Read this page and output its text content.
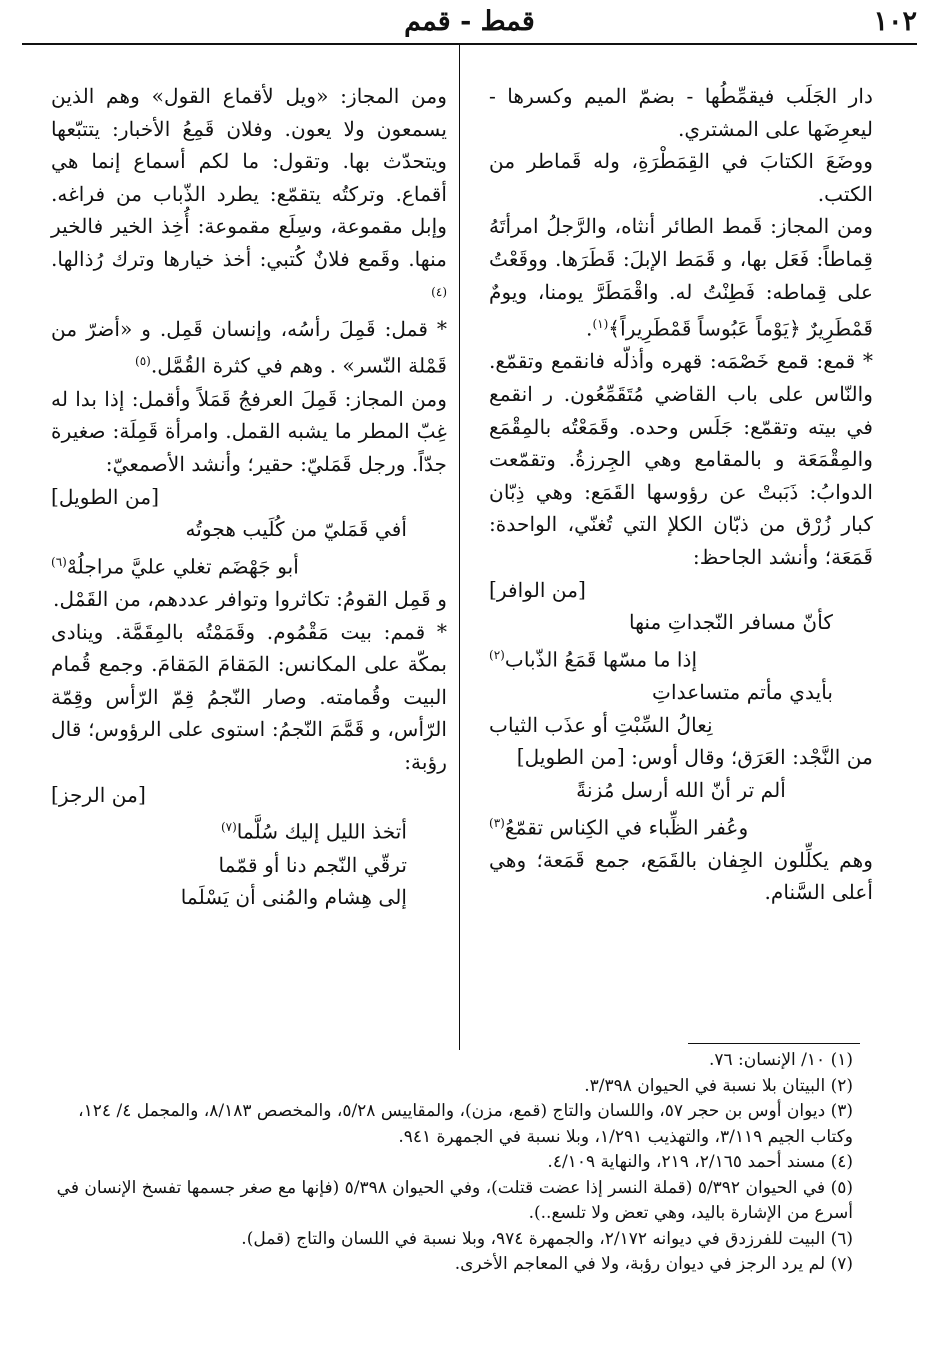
١٠٢
قمط - قمم

دار الجَلَب فيقمِّطُها - بضمّ الميم وكسرها - ليعرِضَها على المشتري.

ووضَعَ الكتابَ في القِمَطْرَةِ، وله قَماطر من الكتب.

ومن المجاز: قَمط الطائر أنثاه، والرَّجلُ امرأتَهُ قِماطاً: فَعَل بها، و قَمَط الإبلَ: قَطَرَها. ووقَعْتُ على قِماطه: فَطِنْتُ له. واقْمَطَرَّ يومنا، ويومٌ قَمْطَرِيرٌ ﴿يَوْماً عَبُوساً قَمْطَرِيراً﴾$^{(١)}$.

* قمع: قمع خَصْمَه: قهره وأذلّه فانقمع وتقمّع. والنّاس على باب القاضي مُتَقَمِّعُون. ر انقمع في بيته وتقمّع: جَلَس وحده. وقَمَعْتُه بالمِقْمَع والمِقْمَعَة و بالمقامع وهي الجِرزةُ. وتقمّعت الدوابُ: ذَبَبتْ عن رؤوسها القَمَع: وهي ذِبّان كبار زُرْق من ذبّان الكلإ التي تُغنّي، الواحدة: قَمَعَة؛ وأنشد الجاحظ:

[من الوافر]
كأنّ مسافر النّجداتِ منها
إذا ما مسّها قَمَعُ الذّباب$^{(٢)}$
بأيدي مأتم متساعداتِ
نِعالُ السِّبْتِ أو عذَب الثياب

من النَّجْد: العَرَق؛ وقال أوس: [من الطويل]

ألم تر أنّ الله أرسل مُزنةً
وعُفر الظِّباء في الكِناس تقمّعُ$^{(٣)}$

وهم يكلِّلون الجِفان بالقَمَع، جمع قَمَعة؛ وهي أعلى السَّنام.

ومن المجاز: «ويل لأقماع القول» وهم الذين يسمعون ولا يعون. وفلان قَمِعُ الأخبار: يتتبّعها ويتحدّث بها. وتقول: ما لكم أسماع إنما هي أقماع. وتركتُه يتقمّع: يطرد الذّباب من فراغه. وإبل مقموعة، وسِلَع مقموعة: أُخِذ الخير فالخير منها. وقَمع فلانٌ كُتبي: أخذ خيارها وترك رُذالها.$^{(٤)}$

* قمل: قَمِلَ رأسُه، وإنسان قَمِل. و «أضرّ من قَمْلة النّسر» . وهم في كثرة القُمَّل.$^{(٥)}$

ومن المجاز: قَمِلَ العرفجُ قَمَلاً وأقمل: إذا بدا له غِبّ المطر ما يشبه القمل. وامرأة قَمِلَة: صغيرة جدّاً. ورجل قَمَليّ: حقير؛ وأنشد الأصمعيّ:

[من الطويل]
أفي قَمَليّ من كُلَيب هجوتُه
أبو جَهْضَم تغلي عليَّ مراجلُهْ$^{(٦)}$

و قَمِل القومُ: تكاثروا وتوافر عددهم، من القَمْل.

* قمم: بيت مَقْمُوم. وقَمَمْتُه بالمِقَمَّة. وينادى بمكّة على المكانس: المَقامَ المَقامَ. وجمع قُمام البيت وقُمامته. وصار النّجمُ قِمّ الرّأس وقِمّة الرّأس، و قَمَّمَ النّجمُ: استوى على الرؤوس؛ قال رؤبة:

[من الرجز]
أتخذ الليل إليك سُلَّما$^{(٧)}$
ترقّي النّجم دنا أو قمّما
إلى هِشام والمُنى أن يَسْلَما
(١) ١٠/ الإنسان: ٧٦.
(٢) البيتان بلا نسبة في الحيوان ٣/٣٩٨.
(٣) ديوان أوس بن حجر ٥٧، واللسان والتاج (قمع، مزن)، والمقاييس ٥/٢٨، والمخصص ٨/١٨٣، والمجمل ٤/ ١٢٤، وكتاب الجيم ٣/١١٩، والتهذيب ١/٢٩١، وبلا نسبة في الجمهرة ٩٤١.
(٤) مسند أحمد ٢/١٦٥، ٢١٩، والنهاية ٤/١٠٩.
(٥) في الحيوان ٥/٣٩٢ (قملة النسر إذا عضت قتلت)، وفي الحيوان ٥/٣٩٨ (فإنها مع صغر جسمها تفسخ الإنسان في أسرع من الإشارة باليد، وهي تعض ولا تلسع..).
(٦) البيت للفرزدق في ديوانه ٢/١٧٢، والجمهرة ٩٧٤، وبلا نسبة في اللسان والتاج (قمل).
(٧) لم يرد الرجز في ديوان رؤبة، ولا في المعاجم الأخرى.
